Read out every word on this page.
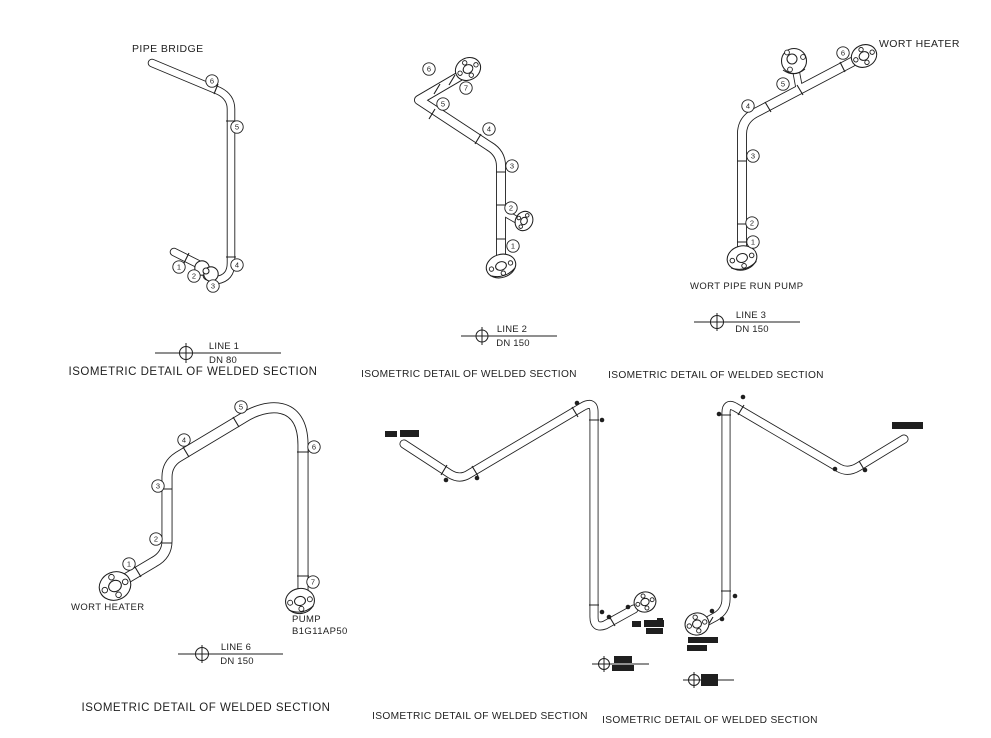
1
2
3
4
5
6
PIPE BRIDGE
LINE 1
DN 80
ISOMETRIC DETAIL OF WELDED SECTION
1
2
3
4
5
6
7
LINE 2
DN 150
ISOMETRIC DETAIL OF WELDED SECTION
1
2
3
4
5
6
WORT HEATER
WORT PIPE RUN PUMP
LINE 3
DN 150
ISOMETRIC DETAIL OF WELDED SECTION
1
2
3
4
5
6
7
WORT HEATER
PUMP
B1G11AP50
LINE 6
DN 150
ISOMETRIC DETAIL OF WELDED SECTION
ISOMETRIC DETAIL OF WELDED SECTION ISOMETRIC DETAIL OF WELDED SECTION
